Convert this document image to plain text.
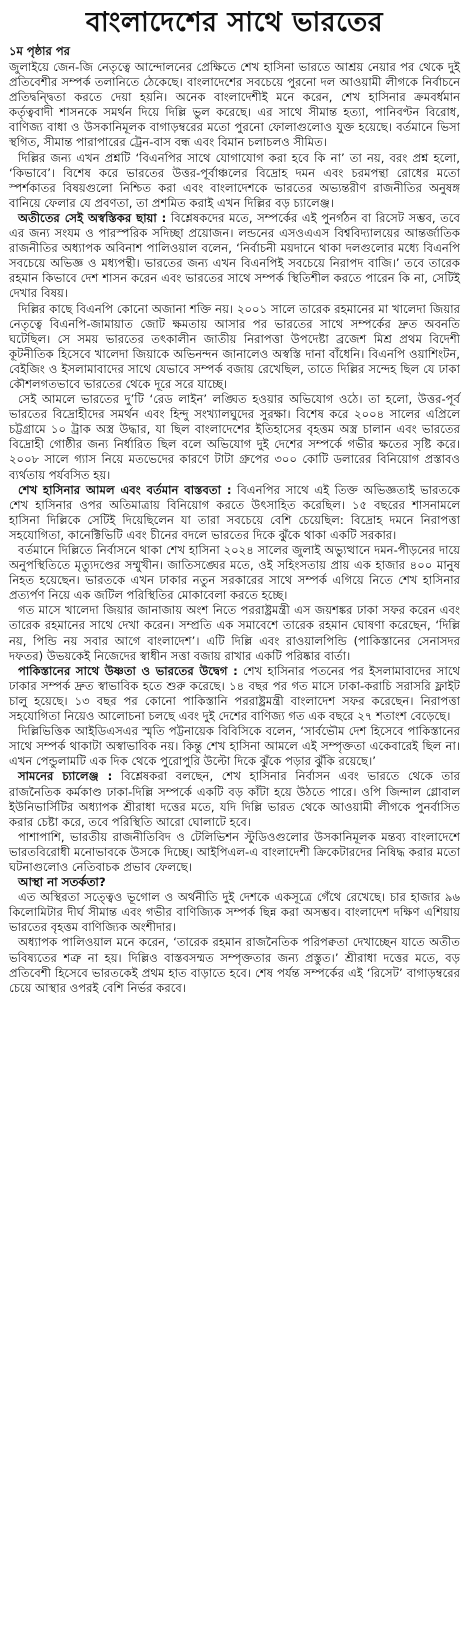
বাংলাদেশের সাথে ভারতের
১ম পৃষ্ঠার পর

জুলাইয়ে জেন-জি নেতৃত্বে আন্দোলনের প্রেক্ষিতে শেখ হাসিনা ভারতে আশ্রয় নেয়ার পর থেকে দুই প্রতিবেশীর সম্পর্ক তলানিতে ঠেকেছে। বাংলাদেশের সবচেয়ে পুরনো দল আওয়ামী লীগকে নির্বাচনে প্রতিদ্বন্দ্বিতা করতে দেয়া হয়নি। অনেক বাংলাদেশীই মনে করেন, শেখ হাসিনার ক্রমবর্ধমান কর্তৃত্ববাদী শাসনকে সমর্থন দিয়ে দিল্লি ভুল করেছে। এর সাথে সীমান্ত হত্যা, পানিবণ্টন বিরোধ, বাণিজ্য বাধা ও উসকানিমূলক বাগাড়ম্বরের মতো পুরনো ফোলাগুলোও যুক্ত হয়েছে। বর্তমানে ভিসা স্থগিত, সীমান্ত পারাপারের ট্রেন-বাস বন্ধ এবং বিমান চলাচলও সীমিত।

দিল্লির জন্য এখন প্রশ্নটি ‘বিএনপির সাথে যোগাযোগ করা হবে কি না’ তা নয়, বরং প্রশ্ন হলো, ‘কিভাবে’। বিশেষ করে ভারতের উত্তর-পূর্বাঞ্চলের বিদ্রোহ দমন এবং চরমপন্থা রোধের মতো স্পর্শকাতর বিষয়গুলো নিশ্চিত করা এবং বাংলাদেশকে ভারতের অভ্যন্তরীণ রাজনীতির অনুষঙ্গ বানিয়ে ফেলার যে প্রবণতা, তা প্রশমিত করাই এখন দিল্লির বড় চ্যালেঞ্জ।

অতীতের সেই অস্বস্তিকর ছায়া : বিশ্লেষকদের মতে, সম্পর্কের এই পুনর্গঠন বা রিসেট সম্ভব, তবে এর জন্য সংযম ও পারস্পরিক সদিচ্ছা প্রয়োজন। লন্ডনের এসওএএস বিশ্ববিদ্যালয়ের আন্তর্জাতিক রাজনীতির অধ্যাপক অবিনাশ পালিওয়াল বলেন, ‘নির্বাচনী ময়দানে থাকা দলগুলোর মধ্যে বিএনপি সবচেয়ে অভিজ্ঞ ও মধ্যপন্থী। ভারতের জন্য এখন বিএনপিই সবচেয়ে নিরাপদ বাজি।’ তবে তারেক রহমান কিভাবে দেশ শাসন করেন এবং ভারতের সাথে সম্পর্ক স্থিতিশীল করতে পারেন কি না, সেটিই দেখার বিষয়।

দিল্লির কাছে বিএনপি কোনো অজানা শক্তি নয়। ২০০১ সালে তারেক রহমানের মা খালেদা জিয়ার নেতৃত্বে বিএনপি-জামায়াত জোট ক্ষমতায় আসার পর ভারতের সাথে সম্পর্কের দ্রুত অবনতি ঘটেছিল। সে সময় ভারতের তৎকালীন জাতীয় নিরাপত্তা উপদেষ্টা ব্রজেশ মিশ্র প্রথম বিদেশী কূটনীতিক হিসেবে খালেদা জিয়াকে অভিনন্দন জানালেও অস্বস্তি দানা বাঁধেনি। বিএনপি ওয়াশিংটন, বেইজিং ও ইসলামাবাদের সাথে যেভাবে সম্পর্ক বজায় রেখেছিল, তাতে দিল্লির সন্দেহ ছিল যে ঢাকা কৌশলগতভাবে ভারতের থেকে দূরে সরে যাচ্ছে।

সেই আমলে ভারতের দু’টি ‘রেড লাইন’ লঙ্ঘিত হওয়ার অভিযোগ ওঠে। তা হলো, উত্তর-পূর্ব ভারতের বিদ্রোহীদের সমর্থন এবং হিন্দু সংখ্যালঘুদের সুরক্ষা। বিশেষ করে ২০০৪ সালের এপ্রিলে চট্টগ্রামে ১০ ট্রাক অস্ত্র উদ্ধার, যা ছিল বাংলাদেশের ইতিহাসের বৃহত্তম অস্ত্র চালান এবং ভারতের বিদ্রোহী গোষ্ঠীর জন্য নির্ধারিত ছিল বলে অভিযোগ দুই দেশের সম্পর্কে গভীর ক্ষতের সৃষ্টি করে। ২০০৮ সালে গ্যাস নিয়ে মতভেদের কারণে টাটা গ্রুপের ৩০০ কোটি ডলারের বিনিয়োগ প্রস্তাবও ব্যর্থতায় পর্যবসিত হয়।

শেখ হাসিনার আমল এবং বর্তমান বাস্তবতা : বিএনপির সাথে এই তিক্ত অভিজ্ঞতাই ভারতকে শেখ হাসিনার ওপর অতিমাত্রায় বিনিয়োগ করতে উৎসাহিত করেছিল। ১৫ বছরের শাসনামলে হাসিনা দিল্লিকে সেটিই দিয়েছিলেন যা তারা সবচেয়ে বেশি চেয়েছিল: বিদ্রোহ দমনে নিরাপত্তা সহযোগিতা, কানেক্টিভিটি এবং চীনের বদলে ভারতের দিকে ঝুঁকে থাকা একটি সরকার।

বর্তমানে দিল্লিতে নির্বাসনে থাকা শেখ হাসিনা ২০২৪ সালের জুলাই অভ্যুত্থানে দমন-পীড়নের দায়ে অনুপস্থিতিতে মৃত্যুদণ্ডের সম্মুখীন। জাতিসঙ্ঘের মতে, ওই সহিংসতায় প্রায় এক হাজার ৪০০ মানুষ নিহত হয়েছেন। ভারতকে এখন ঢাকার নতুন সরকারের সাথে সম্পর্ক এগিয়ে নিতে শেখ হাসিনার প্রত্যর্পণ নিয়ে এক জটিল পরিস্থিতির মোকাবেলা করতে হচ্ছে।

গত মাসে খালেদা জিয়ার জানাজায় অংশ নিতে পররাষ্ট্রমন্ত্রী এস জয়শঙ্কর ঢাকা সফর করেন এবং তারেক রহমানের সাথে দেখা করেন। সম্প্রতি এক সমাবেশে তারেক রহমান ঘোষণা করেছেন, ‘দিল্লি নয়, পিন্ডি নয় সবার আগে বাংলাদেশ’। এটি দিল্লি এবং রাওয়ালপিন্ডি (পাকিস্তানের সেনাসদর দফতর) উভয়কেই নিজেদের স্বাধীন সত্তা বজায় রাখার একটি পরিষ্কার বার্তা।

পাকিস্তানের সাথে উষ্ণতা ও ভারতের উদ্বেগ : শেখ হাসিনার পতনের পর ইসলামাবাদের সাথে ঢাকার সম্পর্ক দ্রুত স্বাভাবিক হতে শুরু করেছে। ১৪ বছর পর গত মাসে ঢাকা-করাচি সরাসরি ফ্লাইট চালু হয়েছে। ১৩ বছর পর কোনো পাকিস্তানি পররাষ্ট্রমন্ত্রী বাংলাদেশ সফর করেছেন। নিরাপত্তা সহযোগিতা নিয়েও আলোচনা চলছে এবং দুই দেশের বাণিজ্য গত এক বছরে ২৭ শতাংশ বেড়েছে।

দিল্লিভিত্তিক আইডিএসএর স্মৃতি পট্টনায়েক বিবিসিকে বলেন, ‘সার্বভৌম দেশ হিসেবে পাকিস্তানের সাথে সম্পর্ক থাকাটা অস্বাভাবিক নয়। কিন্তু শেখ হাসিনা আমলে এই সম্পৃক্ততা একেবারেই ছিল না। এখন পেন্ডুলামটি এক দিক থেকে পুরোপুরি উল্টো দিকে ঝুঁকে পড়ার ঝুঁকি রয়েছে।’

সামনের চ্যালেঞ্জ : বিশ্লেষকরা বলছেন, শেখ হাসিনার নির্বাসন এবং ভারতে থেকে তার রাজনৈতিক কর্মকাণ্ড ঢাকা-দিল্লি সম্পর্কে একটি বড় কাঁটা হয়ে উঠতে পারে। ওপি জিন্দাল গ্লোবাল ইউনিভার্সিটির অধ্যাপক শ্রীরাধা দত্তের মতে, যদি দিল্লি ভারত থেকে আওয়ামী লীগকে পুনর্বাসিত করার চেষ্টা করে, তবে পরিস্থিতি আরো ঘোলাটে হবে।

পাশাপাশি, ভারতীয় রাজনীতিবিদ ও টেলিভিশন স্টুডিওগুলোর উসকানিমূলক মন্তব্য বাংলাদেশে ভারতবিরোধী মনোভাবকে উসকে দিচ্ছে। আইপিএল-এ বাংলাদেশী ক্রিকেটারদের নিষিদ্ধ করার মতো ঘটনাগুলোও নেতিবাচক প্রভাব ফেলছে।

আস্থা না সতর্কতা?

এত অস্থিরতা সত্ত্বেও ভূগোল ও অর্থনীতি দুই দেশকে একসূত্রে গেঁথে রেখেছে। চার হাজার ৯৬ কিলোমিটার দীর্ঘ সীমান্ত এবং গভীর বাণিজ্যিক সম্পর্ক ছিন্ন করা অসম্ভব। বাংলাদেশ দক্ষিণ এশিয়ায় ভারতের বৃহত্তম বাণিজ্যিক অংশীদার।

অধ্যাপক পালিওয়াল মনে করেন, ‘তারেক রহমান রাজনৈতিক পরিপক্বতা দেখাচ্ছেন যাতে অতীত ভবিষ্যতের শত্রু না হয়। দিল্লিও বাস্তবসম্মত সম্পৃক্ততার জন্য প্রস্তুত।’ শ্রীরাধা দত্তের মতে, বড় প্রতিবেশী হিসেবে ভারতকেই প্রথম হাত বাড়াতে হবে। শেষ পর্যন্ত সম্পর্কের এই ‘রিসেট’ বাগাড়ম্বরের চেয়ে আস্থার ওপরই বেশি নির্ভর করবে।
